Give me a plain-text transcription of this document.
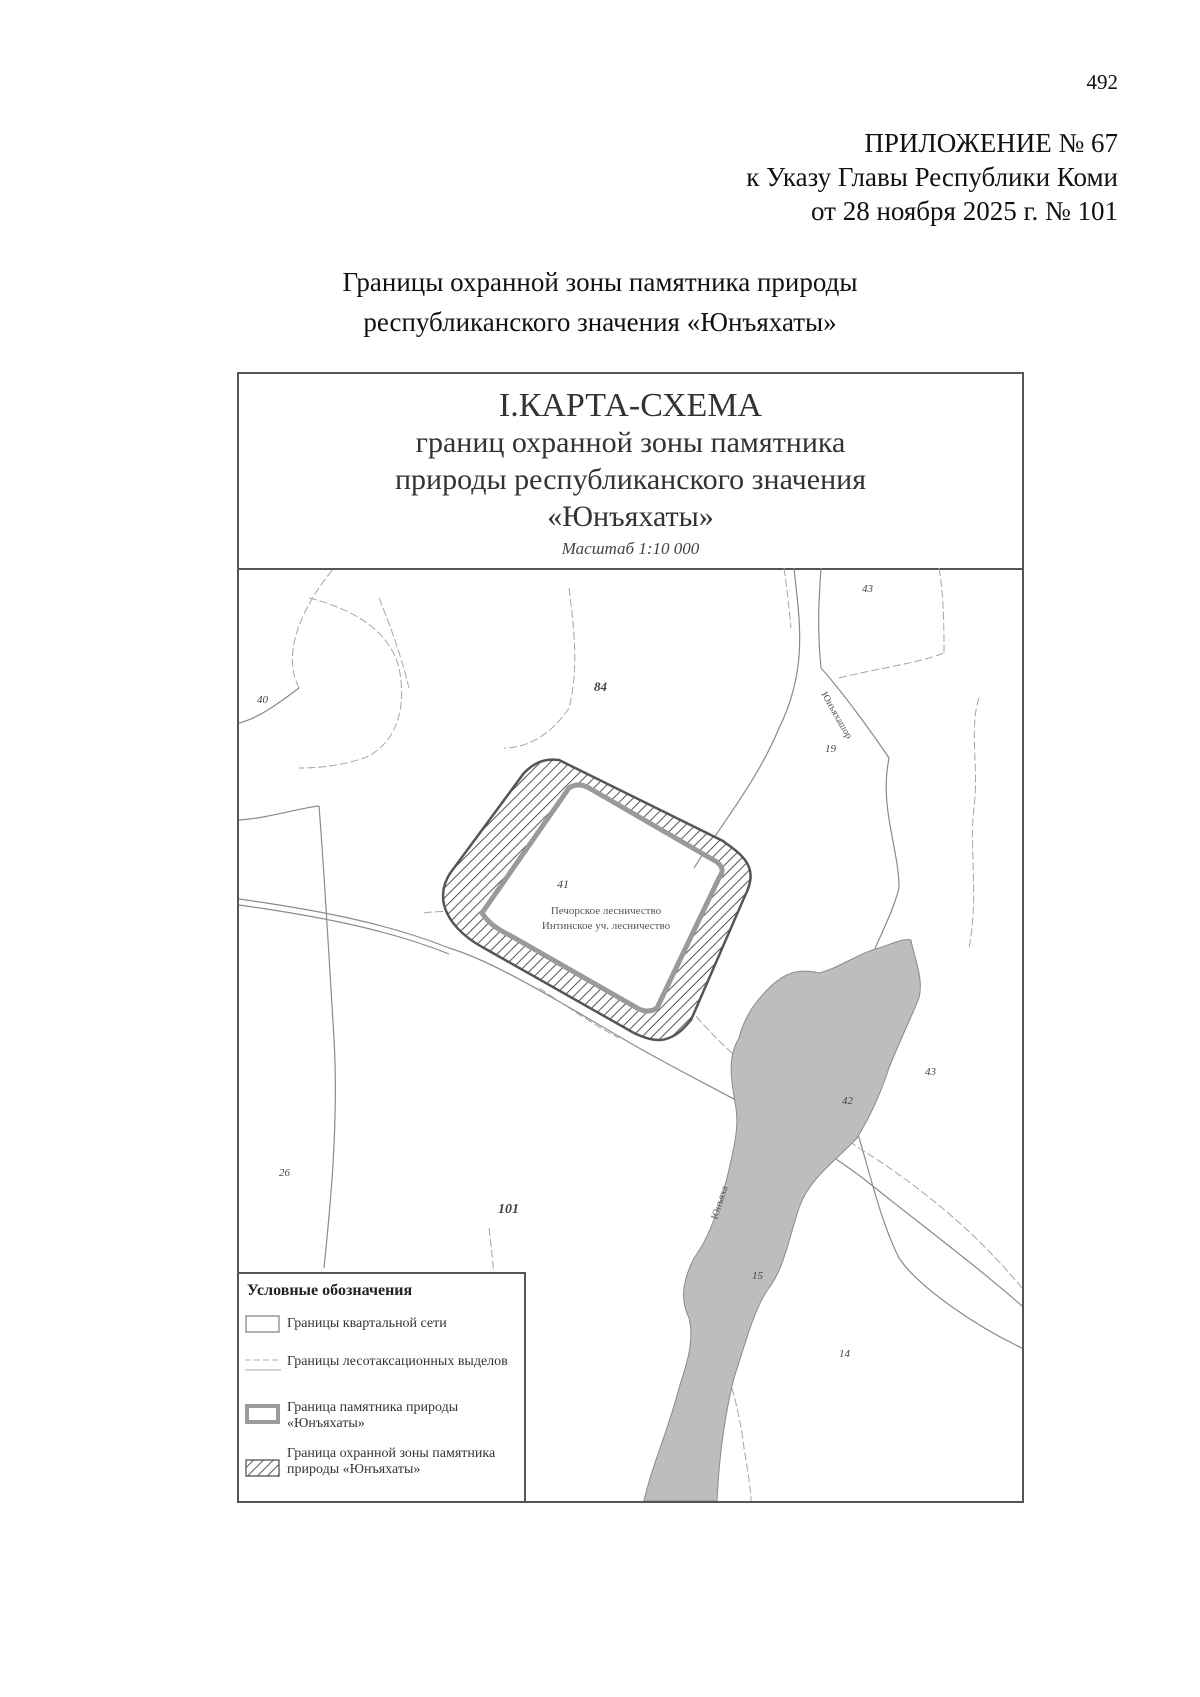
492
ПРИЛОЖЕНИЕ № 67
к Указу Главы Республики Коми
от 28 ноября 2025 г. № 101
Границы охранной зоны памятника природы
республиканского значения «Юнъяхаты»
I.КАРТА-СХЕМА
границ охранной зоны памятника
природы республиканского значения
«Юнъяхаты»
Масштаб 1:10 000
43
84
40
19
41
43
42
26
101
15
14
Печорское лесничество
Интинское уч. лесничество
Юнъяхашор
Юнъяха
Условные обозначения
Границы квартальной сети
Границы лесотаксационных выделов
Граница памятника природы «Юнъяхаты»
Граница охранной зоны памятника природы «Юнъяхаты»
